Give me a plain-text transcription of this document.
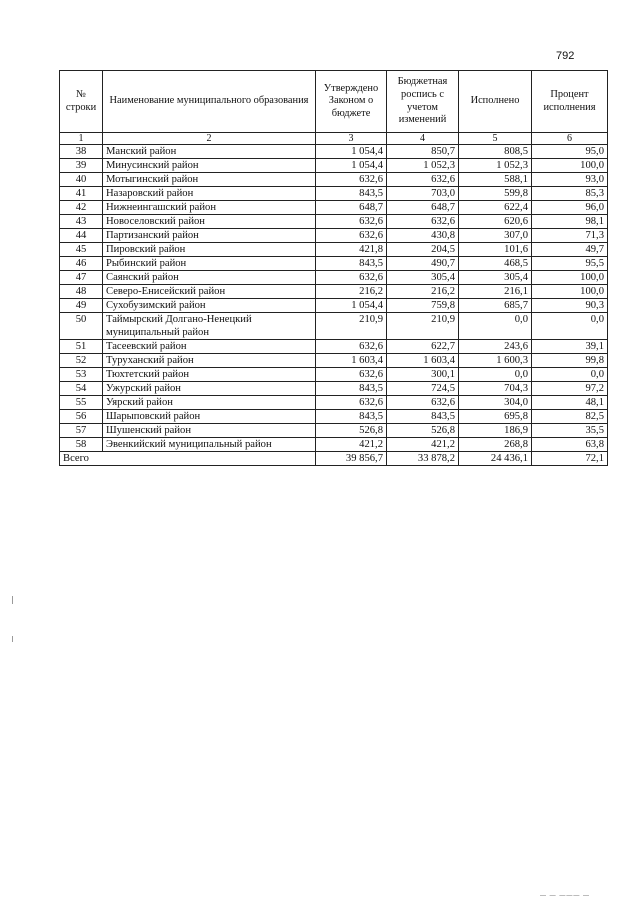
792
№ строки	Наименование муниципального образования	Утверждено Законом о бюджете	Бюджетная роспись с учетом изменений	Исполнено	Процент исполнения
1	2	3	4	5	6
38	Манский район	1 054,4	850,7	808,5	95,0
39	Минусинский район	1 054,4	1 052,3	1 052,3	100,0
40	Мотыгинский район	632,6	632,6	588,1	93,0
41	Назаровский район	843,5	703,0	599,8	85,3
42	Нижнеингашский район	648,7	648,7	622,4	96,0
43	Новоселовский район	632,6	632,6	620,6	98,1
44	Партизанский район	632,6	430,8	307,0	71,3
45	Пировский район	421,8	204,5	101,6	49,7
46	Рыбинский район	843,5	490,7	468,5	95,5
47	Саянский район	632,6	305,4	305,4	100,0
48	Северо-Енисейский район	216,2	216,2	216,1	100,0
49	Сухобузимский район	1 054,4	759,8	685,7	90,3
50	Таймырский Долгано-Ненецкий муниципальный район	210,9	210,9	0,0	0,0
51	Тасеевский район	632,6	622,7	243,6	39,1
52	Туруханский район	1 603,4	1 603,4	1 600,3	99,8
53	Тюхтетский район	632,6	300,1	0,0	0,0
54	Ужурский район	843,5	724,5	704,3	97,2
55	Уярский район	632,6	632,6	304,0	48,1
56	Шарыповский район	843,5	843,5	695,8	82,5
57	Шушенский район	526,8	526,8	186,9	35,5
58	Эвенкийский муниципальный район	421,2	421,2	268,8	63,8
Всего		39 856,7	33 878,2	24 436,1	72,1
— — ——— —
